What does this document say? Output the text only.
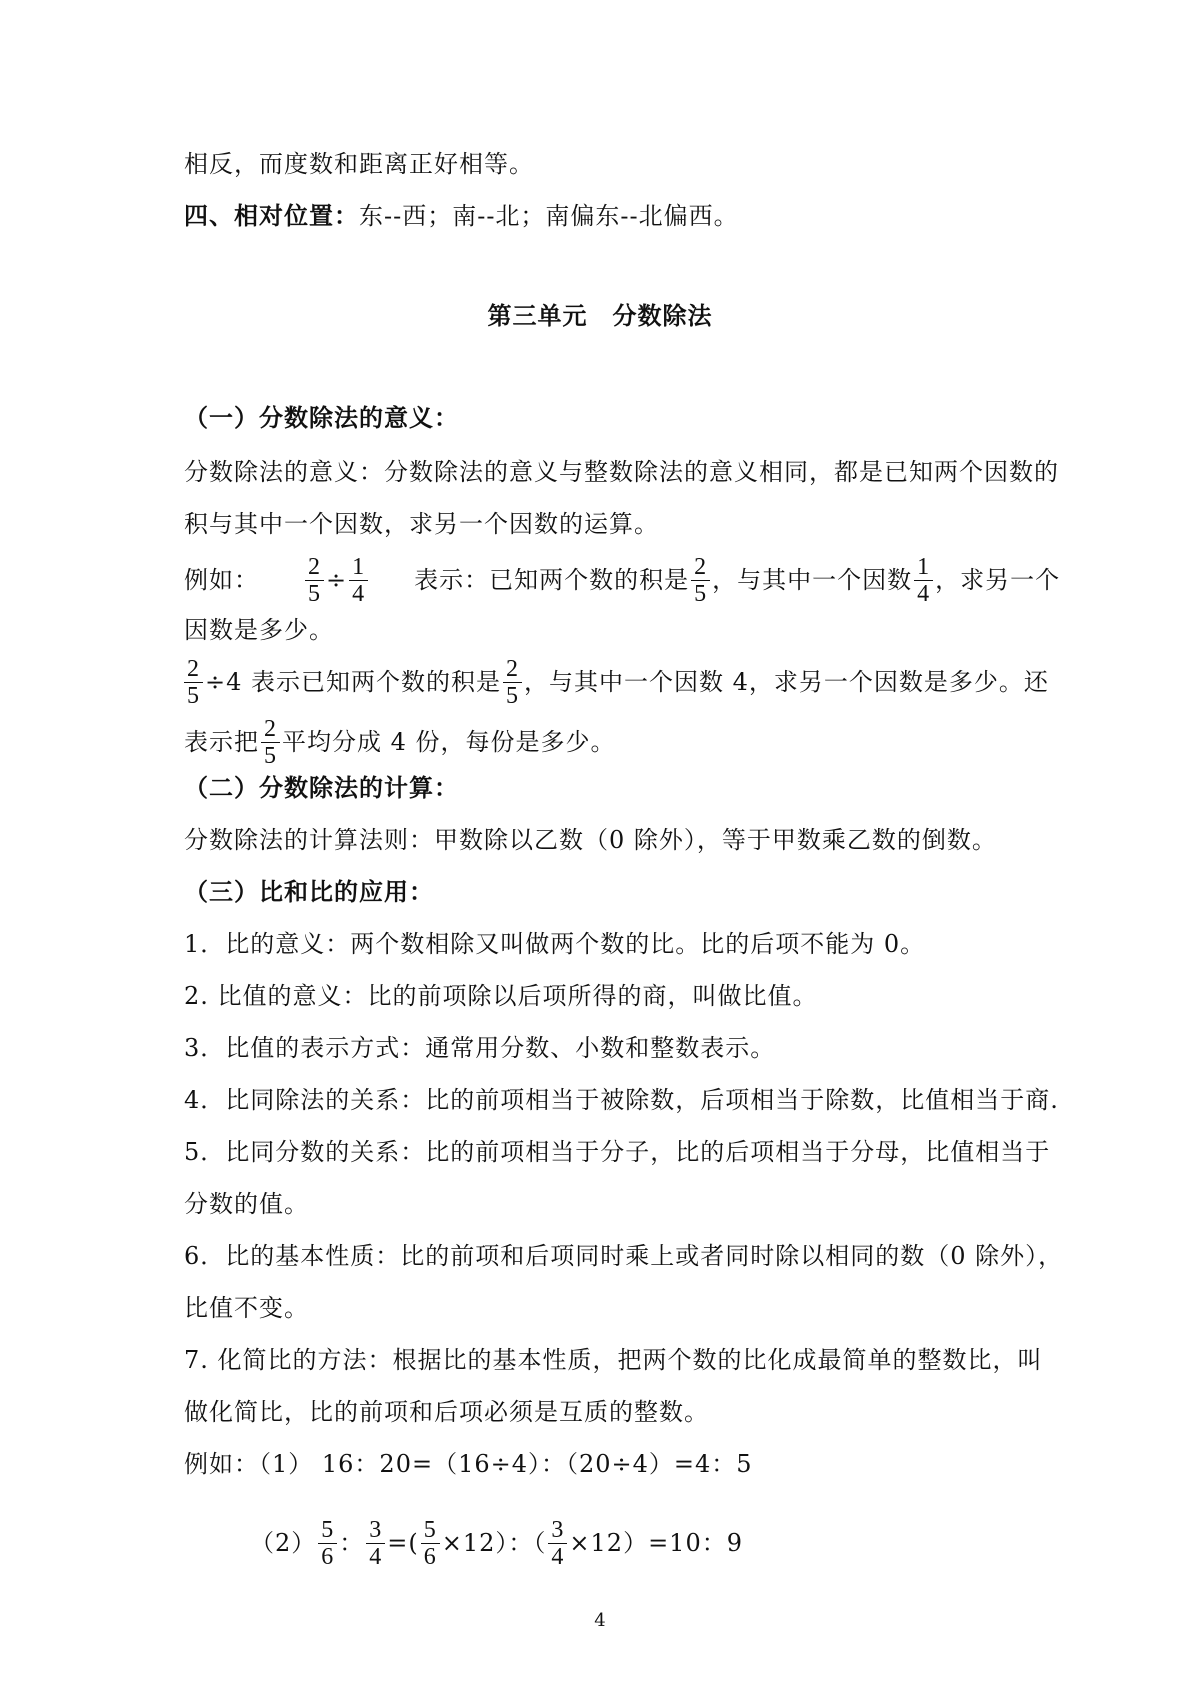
相反，而度数和距离正好相等。
四、相对位置：东--西；南--北；南偏东--北偏西。
第三单元　分数除法
（一）分数除法的意义：
分数除法的意义：分数除法的意义与整数除法的意义相同，都是已知两个因数的
积与其中一个因数，求另一个因数的运算。
例如： $\frac{2}{5} \div \frac{1}{4}$ 表示：已知两个数的积是 $\frac{2}{5}$ ，与其中一个因数 $\frac{1}{4}$ ，求另一个
因数是多少。
$\frac{2}{5} \div 4$ 表示已知两个数的积是 $\frac{2}{5}$ ，与其中一个因数 4，求另一个因数是多少。还
表示把 $\frac{2}{5}$ 平均分成 4 份，每份是多少。
（二）分数除法的计算：
分数除法的计算法则：甲数除以乙数（0 除外），等于甲数乘乙数的倒数。
（三）比和比的应用：
1．比的意义：两个数相除又叫做两个数的比。比的后项不能为 0。
2. 比值的意义：比的前项除以后项所得的商，叫做比值。
3．比值的表示方式：通常用分数、小数和整数表示。
4．比同除法的关系：比的前项相当于被除数，后项相当于除数，比值相当于商.
5．比同分数的关系：比的前项相当于分子，比的后项相当于分母，比值相当于
分数的值。
6．比的基本性质：比的前项和后项同时乘上或者同时除以相同的数（0 除外），
比值不变。
7. 化简比的方法：根据比的基本性质，把两个数的比化成最简单的整数比，叫
做化简比，比的前项和后项必须是互质的整数。
例如：（1） 16：20=（16÷4）：（20÷4）=4：5
$(2) \frac{5}{6}$ ： $\frac{3}{4}$ =( $\frac{5}{6} \times 12$）：（ $\frac{3}{4} \times 12)=10$：9
4
